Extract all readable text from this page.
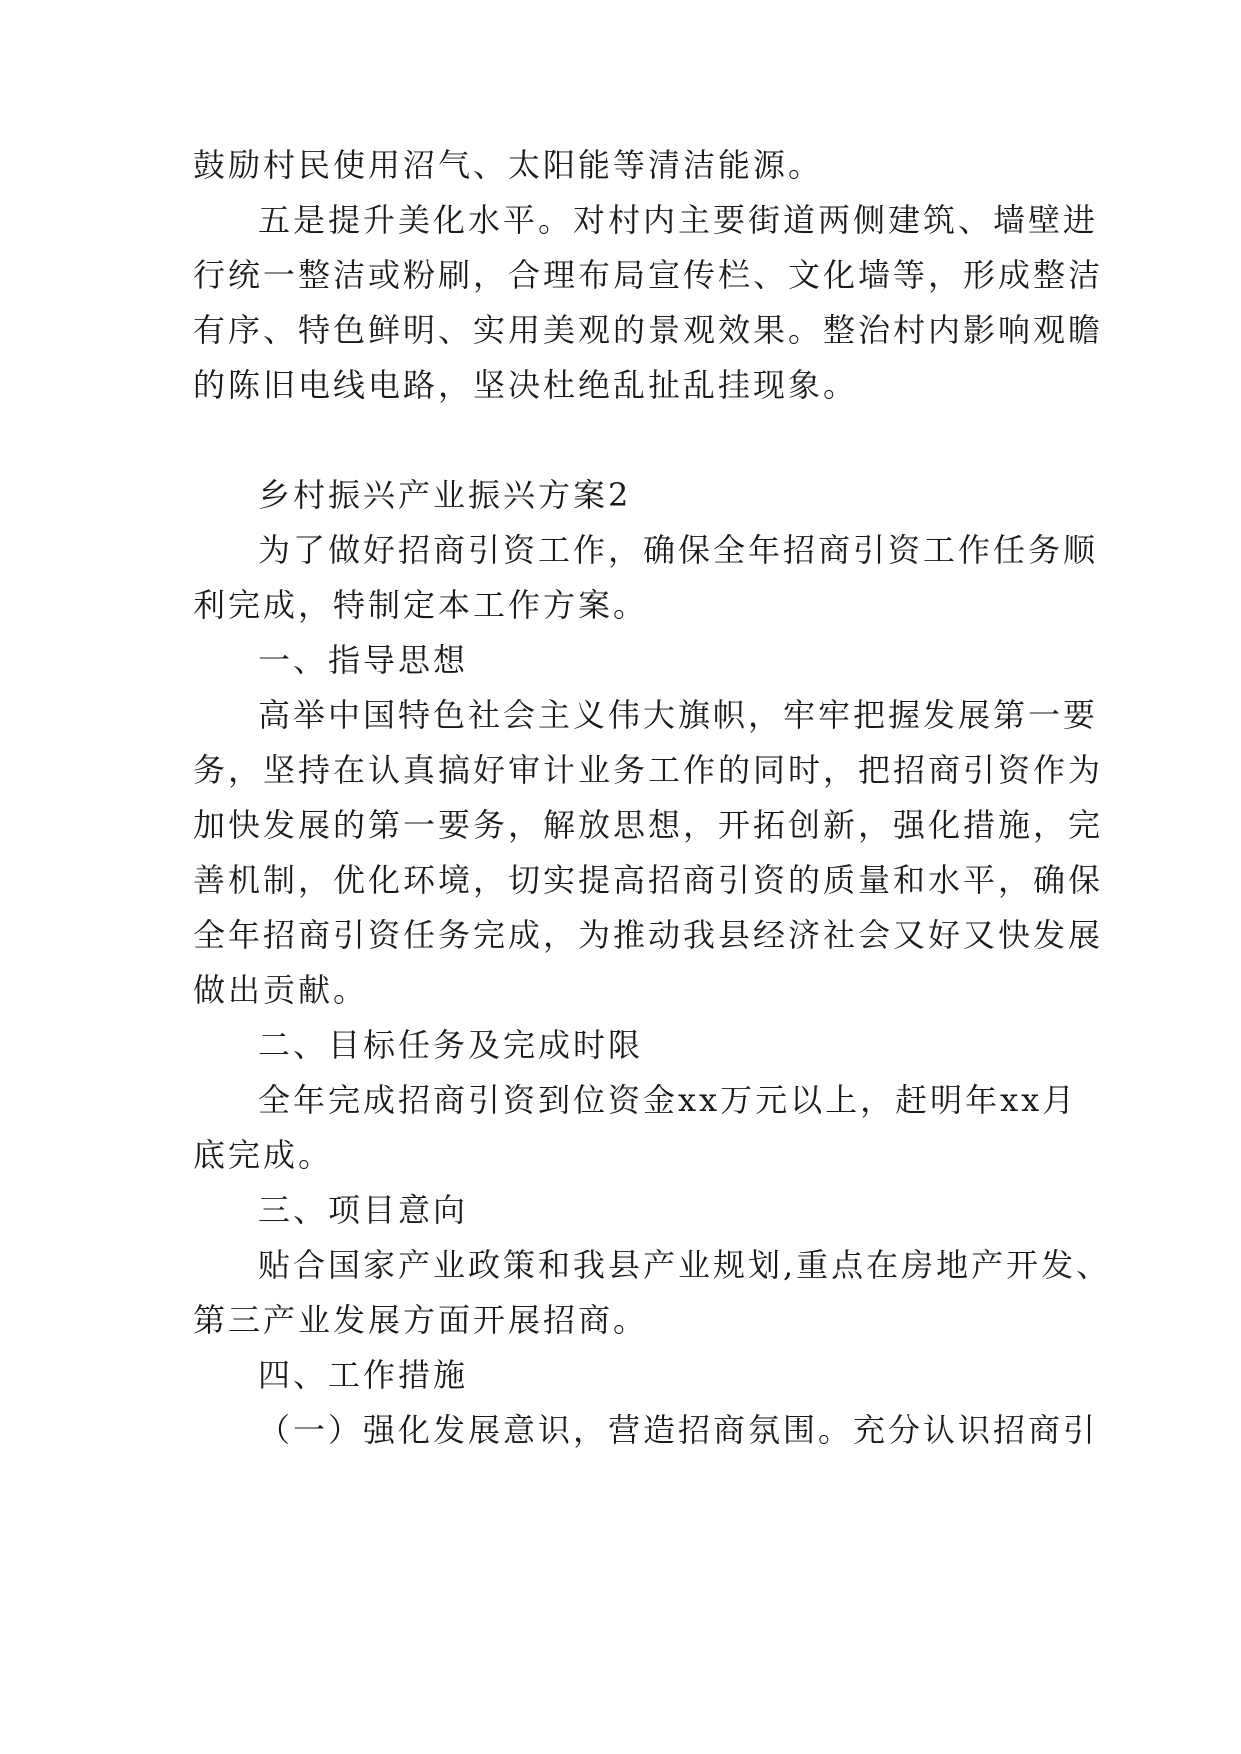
鼓励村民使用沼气、太阳能等清洁能源。
五是提升美化水平。对村内主要街道两侧建筑、墙壁进
行统一整洁或粉刷，合理布局宣传栏、文化墙等，形成整洁
有序、特色鲜明、实用美观的景观效果。整治村内影响观瞻
的陈旧电线电路，坚决杜绝乱扯乱挂现象。
乡村振兴产业振兴方案2
为了做好招商引资工作，确保全年招商引资工作任务顺
利完成，特制定本工作方案。
一、指导思想
高举中国特色社会主义伟大旗帜，牢牢把握发展第一要
务，坚持在认真搞好审计业务工作的同时，把招商引资作为
加快发展的第一要务，解放思想，开拓创新，强化措施，完
善机制，优化环境，切实提高招商引资的质量和水平，确保
全年招商引资任务完成，为推动我县经济社会又好又快发展
做出贡献。
二、目标任务及完成时限
全年完成招商引资到位资金xx万元以上，赶明年xx月
底完成。
三、项目意向
贴合国家产业政策和我县产业规划,重点在房地产开发、
第三产业发展方面开展招商。
四、工作措施
（一）强化发展意识，营造招商氛围。充分认识招商引
